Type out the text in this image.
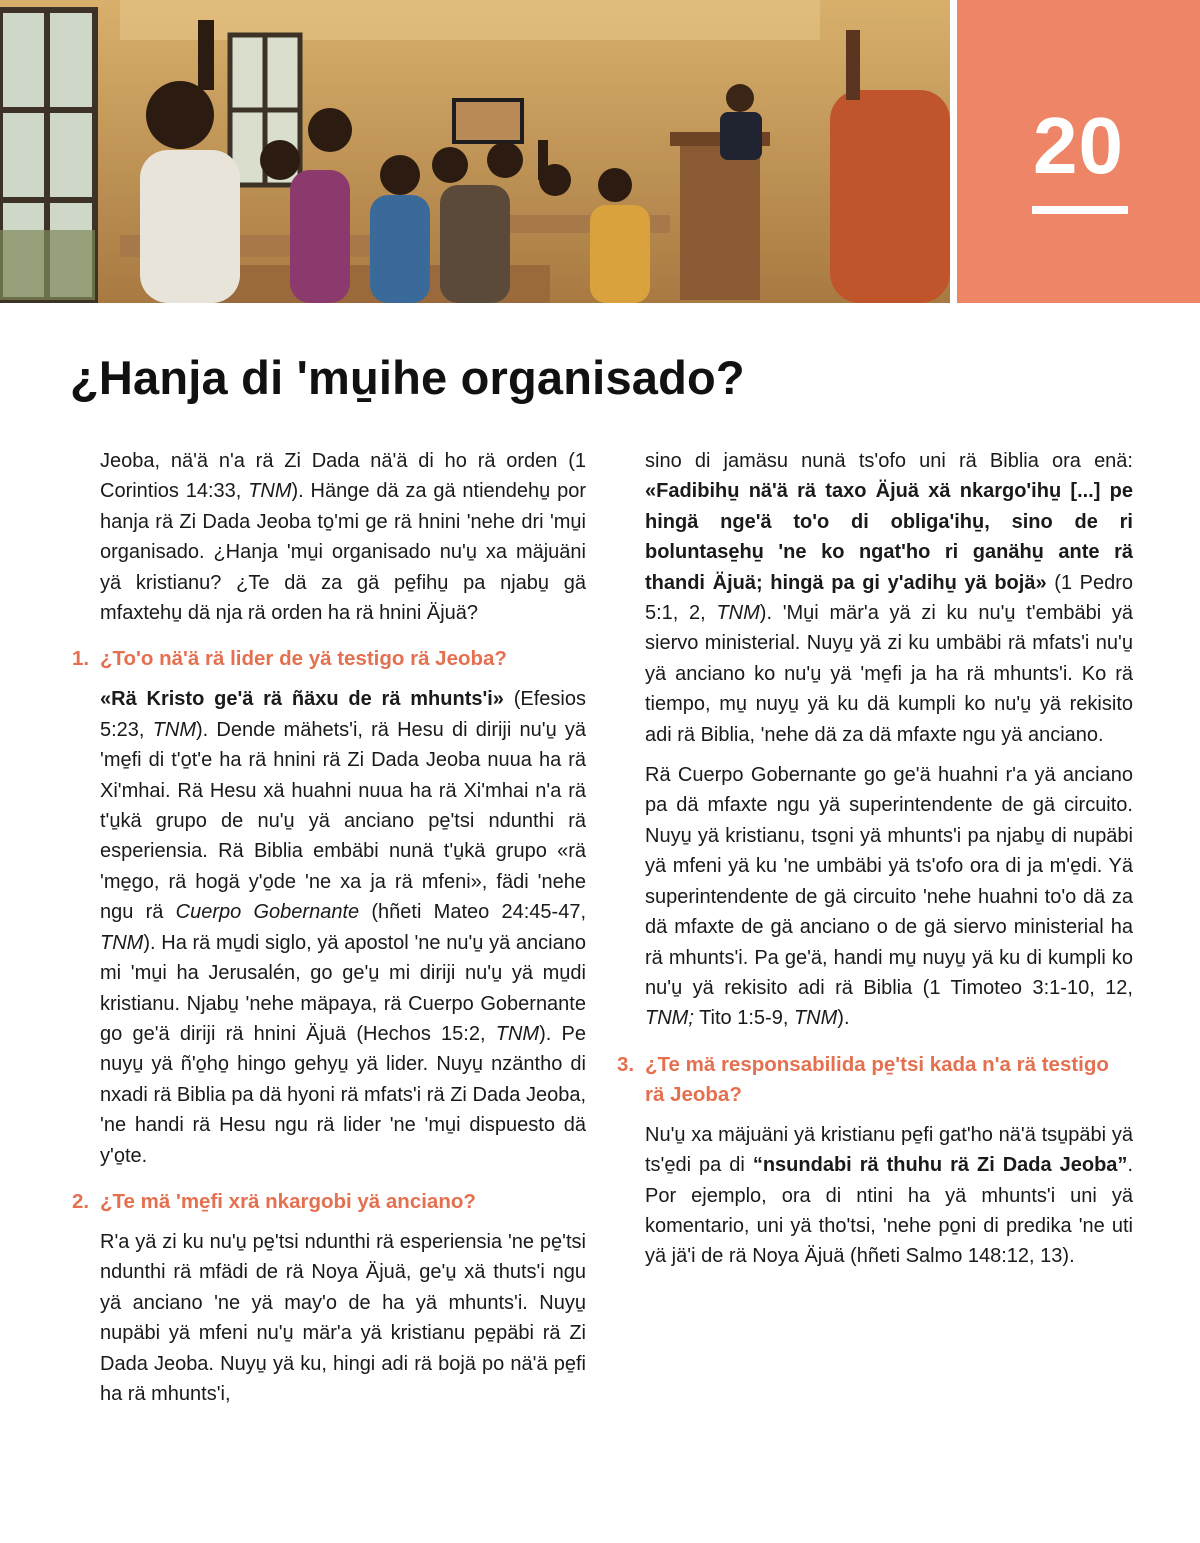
20
¿Hanja di 'mu̱ihe organisado?

Jeoba, nä'ä n'a rä Zi Dada nä'ä di ho rä orden (1 Corintios 14:33, TNM). Hänge dä za gä ntiendehu̱ por hanja rä Zi Dada Jeoba to̱'mi ge rä hnini 'nehe dri 'mu̱i organisado. ¿Hanja 'mu̱i organisado nu'u̱ xa mäjuäni yä kristianu? ¿Te dä za gä pe̱fihu̱ pa njabu̱ gä mfaxtehu̱ dä nja rä orden ha rä hnini Äjuä?

1. ¿To'o nä'ä rä lider de yä testigo rä Jeoba?

«Rä Kristo ge'ä rä ñäxu de rä mhunts'i» (Efesios 5:23, TNM). Dende mähets'i, rä Hesu di diriji nu'u̱ yä 'me̱fi di t'o̱t'e ha rä hnini rä Zi Dada Jeoba nuua ha rä Xi'mhai. Rä Hesu xä huahni nuua ha rä Xi'mhai n'a rä t'u̱kä grupo de nu'u̱ yä anciano pe̱'tsi ndunthi rä esperiensia. Rä Biblia embäbi nunä t'u̱kä grupo «rä 'me̱go, rä hogä y'o̱de 'ne xa ja rä mfeni», fädi 'nehe ngu rä Cuerpo Gobernante (hñeti Mateo 24:45-47, TNM). Ha rä mu̱di siglo, yä apostol 'ne nu'u̱ yä anciano mi 'mu̱i ha Jerusalén, go ge'u̱ mi diriji nu'u̱ yä mu̱di kristianu. Njabu̱ 'nehe mäpaya, rä Cuerpo Gobernante go ge'ä diriji rä hnini Äjuä (Hechos 15:2, TNM). Pe nuyu̱ yä ñ'o̱ho̱ hingo gehyu̱ yä lider. Nuyu̱ nzäntho di nxadi rä Biblia pa dä hyoni rä mfats'i rä Zi Dada Jeoba, 'ne handi rä Hesu ngu rä lider 'ne 'mu̱i dispuesto dä y'o̱te.

2. ¿Te mä 'me̱fi xrä nkargobi yä anciano?

R'a yä zi ku nu'u̱ pe̱'tsi ndunthi rä esperiensia 'ne pe̱'tsi ndunthi rä mfädi de rä Noya Äjuä, ge'u̱ xä thuts'i ngu yä anciano 'ne yä may'o de ha yä mhunts'i. Nuyu̱ nupäbi yä mfeni nu'u̱ mär'a yä kristianu pe̱päbi rä Zi Dada Jeoba. Nuyu̱ yä ku, hingi adi rä bojä po nä'ä pe̱fi ha rä mhunts'i,

sino di jamäsu nunä ts'ofo uni rä Biblia ora enä: «Fadibihu̱ nä'ä rä taxo Äjuä xä nkargo'ihu̱ [...] pe hingä nge'ä to'o di obliga'ihu̱, sino de ri boluntase̱hu̱ 'ne ko ngat'ho ri ganähu̱ ante rä thandi Äjuä; hingä pa gi y'adihu̱ yä bojä» (1 Pedro 5:1, 2, TNM). 'Mu̱i mär'a yä zi ku nu'u̱ t'embäbi yä siervo ministerial. Nuyu̱ yä zi ku umbäbi rä mfats'i nu'u̱ yä anciano ko nu'u̱ yä 'me̱fi ja ha rä mhunts'i. Ko rä tiempo, mu̱ nuyu̱ yä ku dä kumpli ko nu'u̱ yä rekisito adi rä Biblia, 'nehe dä za dä mfaxte ngu yä anciano.

Rä Cuerpo Gobernante go ge'ä huahni r'a yä anciano pa dä mfaxte ngu yä superintendente de gä circuito. Nuyu̱ yä kristianu, tso̱ni yä mhunts'i pa njabu̱ di nupäbi yä mfeni yä ku 'ne umbäbi yä ts'ofo ora di ja m'e̱di. Yä superintendente de gä circuito 'nehe huahni to'o dä za dä mfaxte de gä anciano o de gä siervo ministerial ha rä mhunts'i. Pa ge'ä, handi mu̱ nuyu̱ yä ku di kumpli ko nu'u̱ yä rekisito adi rä Biblia (1 Timoteo 3:1-10, 12, TNM; Tito 1:5-9, TNM).

3. ¿Te mä responsabilida pe̱'tsi kada n'a rä testigo rä Jeoba?

Nu'u̱ xa mäjuäni yä kristianu pe̱fi gat'ho nä'ä tsu̱päbi yä ts'e̱di pa di “nsundabi rä thuhu rä Zi Dada Jeoba”. Por ejemplo, ora di ntini ha yä mhunts'i uni yä komentario, uni yä tho'tsi, 'nehe po̱ni di predika 'ne uti yä jä'i de rä Noya Äjuä (hñeti Salmo 148:12, 13).
